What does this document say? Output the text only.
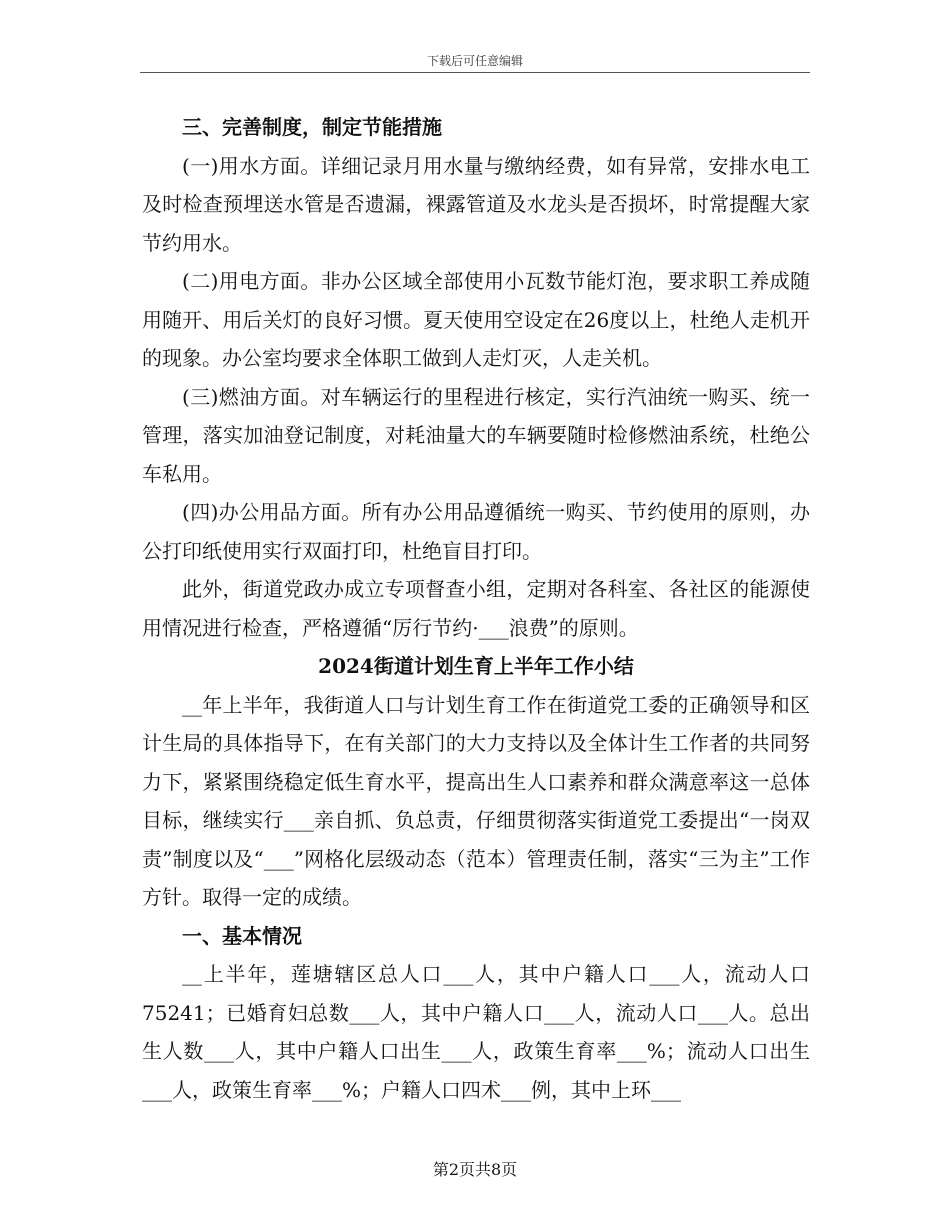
下载后可任意编辑

三、完善制度，制定节能措施

(一)用水方面。详细记录月用水量与缴纳经费，如有异常，安排水电工及时检查预埋送水管是否遗漏，裸露管道及水龙头是否损坏，时常提醒大家节约用水。

(二)用电方面。非办公区域全部使用小瓦数节能灯泡，要求职工养成随用随开、用后关灯的良好习惯。夏天使用空设定在26度以上，杜绝人走机开的现象。办公室均要求全体职工做到人走灯灭，人走关机。

(三)燃油方面。对车辆运行的里程进行核定，实行汽油统一购买、统一管理，落实加油登记制度，对耗油量大的车辆要随时检修燃油系统，杜绝公车私用。

(四)办公用品方面。所有办公用品遵循统一购买、节约使用的原则，办公打印纸使用实行双面打印，杜绝盲目打印。

此外，街道党政办成立专项督查小组，定期对各科室、各社区的能源使用情况进行检查，严格遵循“厉行节约·___浪费”的原则。

2024街道计划生育上半年工作小结

__年上半年，我街道人口与计划生育工作在街道党工委的正确领导和区计生局的具体指导下，在有关部门的大力支持以及全体计生工作者的共同努力下，紧紧围绕稳定低生育水平，提高出生人口素养和群众满意率这一总体目标，继续实行___亲自抓、负总责，仔细贯彻落实街道党工委提出“一岗双责”制度以及“___”网格化层级动态（范本）管理责任制，落实“三为主”工作方针。取得一定的成绩。

一、基本情况

__上半年，莲塘辖区总人口___人，其中户籍人口___人，流动人口75241；已婚育妇总数___人，其中户籍人口___人，流动人口___人。总出生人数___人，其中户籍人口出生___人，政策生育率___%；流动人口出生___人，政策生育率___%；户籍人口四术___例，其中上环___

第2页共8页
